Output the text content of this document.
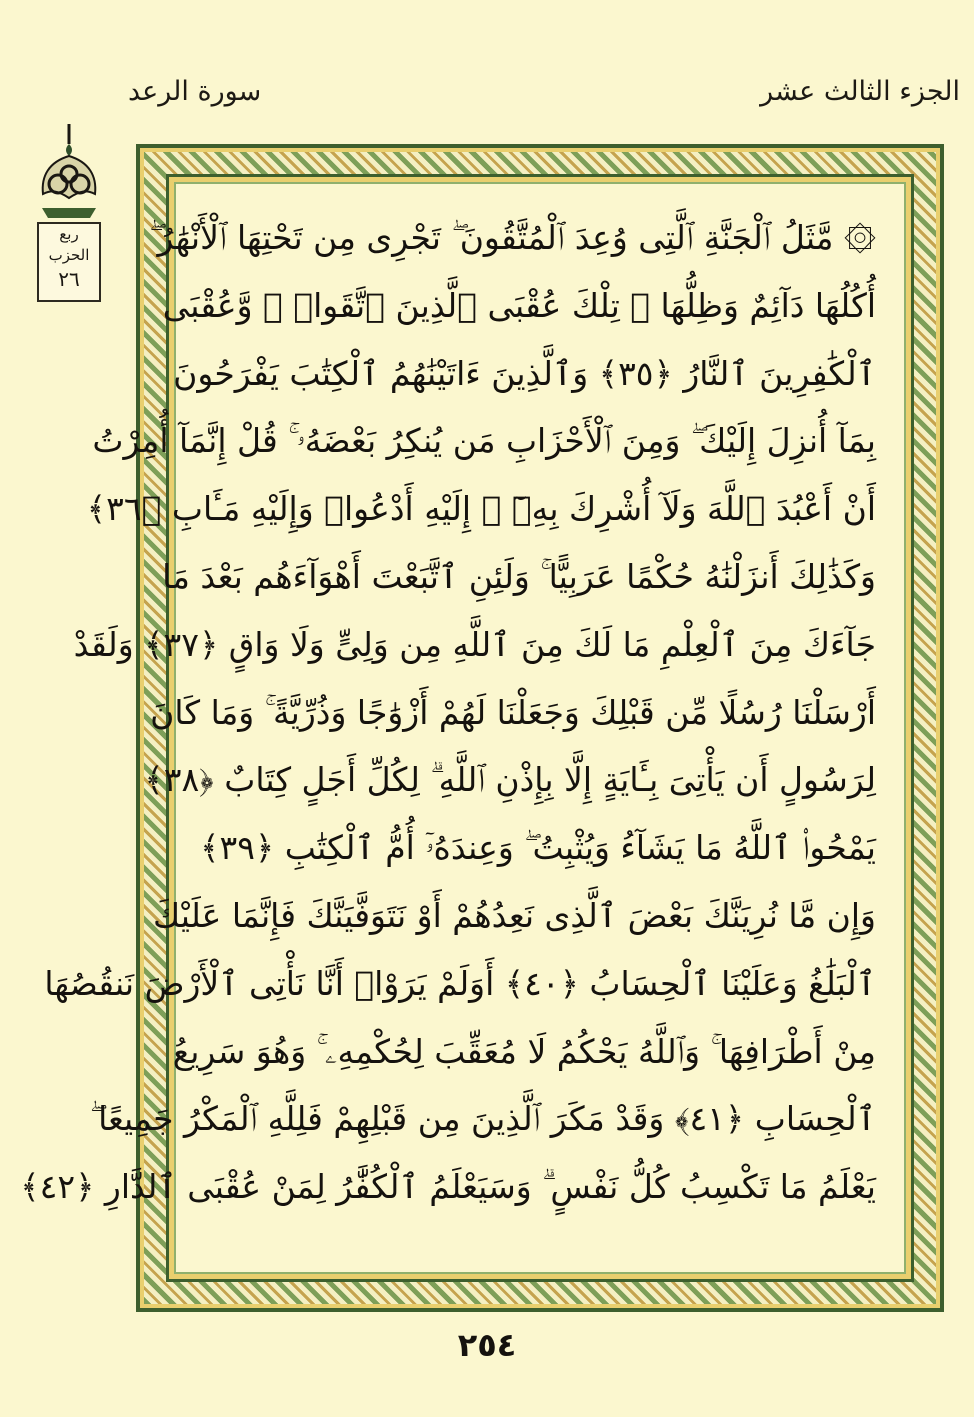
الجزء الثالث عشر
سورة الرعد
ربع
الحزب
٢٦
۞ مَّثَلُ ٱلْجَنَّةِ ٱلَّتِى وُعِدَ ٱلْمُتَّقُونَ ۖ تَجْرِى مِن تَحْتِهَا ٱلْأَنْهَٰرُ ۖ
أُكُلُهَا دَآئِمٌ وَظِلُّهَا ۚ تِلْكَ عُقْبَى ٱلَّذِينَ ٱتَّقَوا۟ ۖ وَّعُقْبَى
ٱلْكَٰفِرِينَ ٱلنَّارُ ﴿٣٥﴾ وَٱلَّذِينَ ءَاتَيْنَٰهُمُ ٱلْكِتَٰبَ يَفْرَحُونَ
بِمَآ أُنزِلَ إِلَيْكَ ۖ وَمِنَ ٱلْأَحْزَابِ مَن يُنكِرُ بَعْضَهُۥ ۚ قُلْ إِنَّمَآ أُمِرْتُ
أَنْ أَعْبُدَ ٱللَّهَ وَلَآ أُشْرِكَ بِهِۦٓ ۚ إِلَيْهِ أَدْعُوا۟ وَإِلَيْهِ مَـَٔابِ ﴿٣٦﴾
وَكَذَٰلِكَ أَنزَلْنَٰهُ حُكْمًا عَرَبِيًّا ۚ وَلَئِنِ ٱتَّبَعْتَ أَهْوَآءَهُم بَعْدَ مَا
جَآءَكَ مِنَ ٱلْعِلْمِ مَا لَكَ مِنَ ٱللَّهِ مِن وَلِىٍّ وَلَا وَاقٍ ﴿٣٧﴾ وَلَقَدْ
أَرْسَلْنَا رُسُلًا مِّن قَبْلِكَ وَجَعَلْنَا لَهُمْ أَزْوَٰجًا وَذُرِّيَّةً ۚ وَمَا كَانَ
لِرَسُولٍ أَن يَأْتِىَ بِـَٔايَةٍ إِلَّا بِإِذْنِ ٱللَّهِ ۗ لِكُلِّ أَجَلٍ كِتَابٌ ﴿٣٨﴾
يَمْحُوا۟ ٱللَّهُ مَا يَشَآءُ وَيُثْبِتُ ۖ وَعِندَهُۥٓ أُمُّ ٱلْكِتَٰبِ ﴿٣٩﴾
وَإِن مَّا نُرِيَنَّكَ بَعْضَ ٱلَّذِى نَعِدُهُمْ أَوْ نَتَوَفَّيَنَّكَ فَإِنَّمَا عَلَيْكَ
ٱلْبَلَٰغُ وَعَلَيْنَا ٱلْحِسَابُ ﴿٤٠﴾ أَوَلَمْ يَرَوْا۟ أَنَّا نَأْتِى ٱلْأَرْضَ نَنقُصُهَا
مِنْ أَطْرَافِهَا ۚ وَٱللَّهُ يَحْكُمُ لَا مُعَقِّبَ لِحُكْمِهِۦ ۚ وَهُوَ سَرِيعُ
ٱلْحِسَابِ ﴿٤١﴾ وَقَدْ مَكَرَ ٱلَّذِينَ مِن قَبْلِهِمْ فَلِلَّهِ ٱلْمَكْرُ جَمِيعًا ۖ
يَعْلَمُ مَا تَكْسِبُ كُلُّ نَفْسٍ ۗ وَسَيَعْلَمُ ٱلْكُفَّٰرُ لِمَنْ عُقْبَى ٱلدَّارِ ﴿٤٢﴾
٢٥٤
